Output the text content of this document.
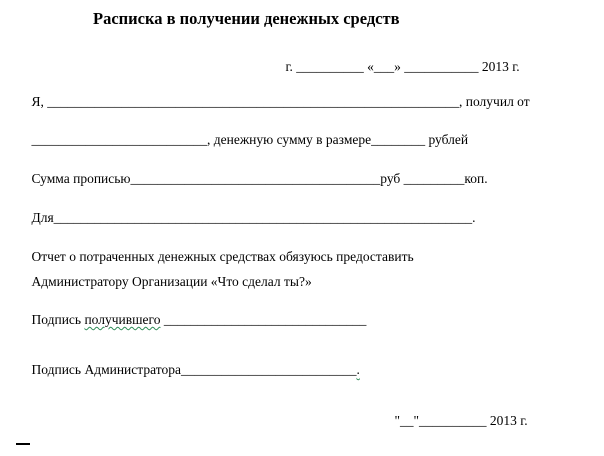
Расписка в получении денежных средств

г. __________ «___» ___________ 2013 г.

Я, _____________________________________________________________, получил от

__________________________, денежную сумму в размере________ рублей

Сумма прописью_____________________________________руб _________коп.

Для______________________________________________________________.

Отчет о потраченных денежных средствах обязуюсь предоставить

Администратору Организации «Что сделал ты?»

Подпись получившего ______________________________

Подпись Администратора__________________________.

"__"__________ 2013 г.
